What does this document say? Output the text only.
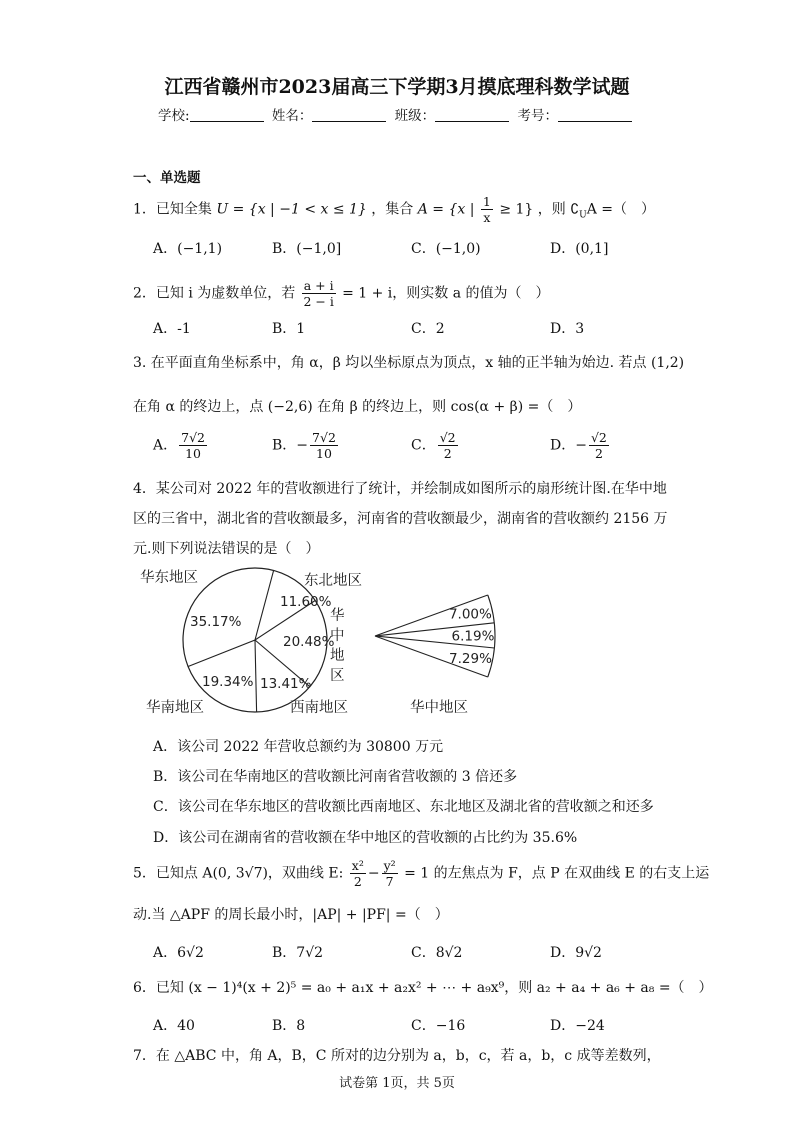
江西省赣州市2023届高三下学期3月摸底理科数学试题
学校:	姓名：	班级：	考号：
一、单选题
1．已知全集 U = {x | −1 < x ≤ 1} ，集合 A = {x | $\frac{1}{x} \ge 1$} ，则 $∁_UA$ =（　）
A．(−1,1)	B．(−1,0]	C．(−1,0)	D．(0,1]
2．已知 i 为虚数单位，若 $\frac{a + i}{2 - i} = 1 + i$，则实数 a 的值为（　）
A．-1	B．1	C．2	D．3
3. 在平面直角坐标系中，角 α，β 均以坐标原点为顶点，x 轴的正半轴为始边. 若点 (1,2)
在角 α 的终边上，点 (−2,6) 在角 β 的终边上，则 cos(α + β) =（　）
A． $\frac{7√2}{10}$	B．− $\frac{7√2}{10}$	C． $\frac{√2}{2}$	D．− $\frac{√2}{2}$
4．某公司对 2022 年的营收额进行了统计，并绘制成如图所示的扇形统计图.在华中地
区的三省中，湖北省的营收额最多，河南省的营收额最少，湖南省的营收额约 2156 万
元.则下列说法错误的是（　）
11.60%
20.48%
13.41%
19.34%
35.17%	7.00%
6.19%
7.29%
华东地区	东北地区
华
中
地
区
华南地区	西南地区	华中地区
A．该公司 2022 年营收总额约为 30800 万元
B．该公司在华南地区的营收额比河南省营收额的 3 倍还多
C．该公司在华东地区的营收额比西南地区、东北地区及湖北省的营收额之和还多
D．该公司在湖南省的营收额在华中地区的营收额的占比约为 35.6%
5．已知点 A(0, 3√7)，双曲线 E: $\frac{\text{x²}}{2} - \frac{\text{y²}}{7} = 1$ 的左焦点为 F，点 P 在双曲线 E 的右支上运
动.当 △APF 的周长最小时，|AP| + |PF| =（　）
A．6√2	B．7√2	C．8√2	D．9√2
6．已知 (x − 1)⁴(x + 2)⁵ = a₀ + a₁x + a₂x² + ⋯ + a₉x⁹，则 a₂ + a₄ + a₆ + a₈ =（　）
A．40	B．8	C．−16	D．−24
7．在 △ABC 中，角 A，B，C 所对的边分别为 a，b，c，若 a，b，c 成等差数列，
试卷第 1页，共 5页
